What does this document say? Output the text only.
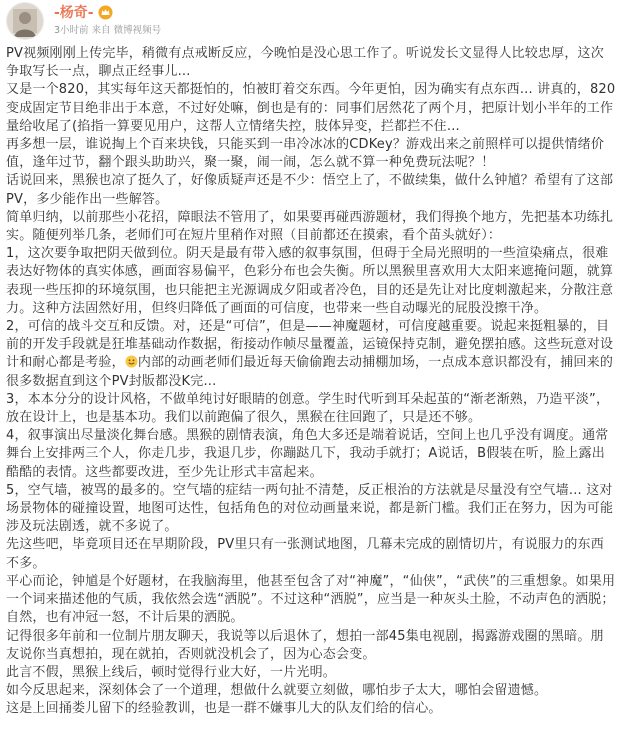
-杨奇-
3小时前 来自 微博视频号

PV视频刚刚上传完毕，稍微有点戒断反应，今晚怕是没心思工作了。听说发长文显得人比较忠厚，这次争取写长一点，聊点正经事儿...

又是一个820，其实每年这天都挺怕的，怕被盯着交东西。今年更怕，因为确实有点东西... 讲真的，820变成固定节目绝非出于本意，不过好处嘛，倒也是有的：同事们居然花了两个月，把原计划小半年的工作量给收尾了(掐指一算要见用户，这帮人立情绪失控，肢体异变，拦都拦不住...

再多想一层，谁说掏上个百来块钱，只能买到一串冷冰冰的CDKey？游戏出来之前照样可以提供情绪价值，逢年过节，翻个跟头助助兴，聚一聚，闹一闹，怎么就不算一种免费玩法呢？！

话说回来，黑猴也凉了挺久了，好像质疑声还是不少：悟空上了，不做续集，做什么钟馗？希望有了这部PV，多少能作出一些解答。

简单归纳，以前那些小花招，障眼法不管用了，如果要再碰西游题材，我们得换个地方，先把基本功练扎实。随便列举几条，老师们可在短片里稍作对照（目前都还在摸索，看个苗头就好）：

1，这次要争取把阴天做到位。阴天是最有带入感的叙事氛围，但碍于全局光照明的一些渲染痛点，很难表达好物体的真实体感，画面容易偏平，色彩分布也会失衡。所以黑猴里喜欢用大太阳来遮掩问题，就算表现一些压抑的环境氛围，也只能把主光源调成夕阳或者冷色，目的还是先让对比度刺激起来，分散注意力。这种方法固然好用，但终归降低了画面的可信度，也带来一些自动曝光的屁股没擦干净。

2，可信的战斗交互和反馈。对，还是“可信”，但是——神魔题材，可信度越重要。说起来挺粗暴的，目前的开发手段就是狂堆基础动作数据，衔接动作帧尽量覆盖，运镜保持克制，避免摆拍感。这些玩意对设计和耐心都是考验， 内部的动画老师们最近每天偷偷跑去动捕棚加场，一点成本意识都没有，捕回来的很多数据直到这个PV封版都没K完...

3，本本分分的设计风格，不做单纯讨好眼睛的创意。学生时代听到耳朵起茧的“渐老渐熟，乃造平淡”，放在设计上，也是基本功。我们以前跑偏了很久，黑猴在往回跑了，只是还不够。

4，叙事演出尽量淡化舞台感。黑猴的剧情表演，角色大多还是端着说话，空间上也几乎没有调度。通常舞台上安排两三个人，你走几步，我退几步，你蹦跶几下，我动手就打；A说话，B假装在听，脸上露出酷酷的表情。这些都要改进，至少先让形式丰富起来。

5，空气墙，被骂的最多的。空气墙的症结一两句扯不清楚，反正根治的方法就是尽量没有空气墙... 这对场景物体的碰撞设置，地图可达性，包括角色的对位动画量来说，都是新门槛。我们正在努力，因为可能涉及玩法剧透，就不多说了。

先这些吧，毕竟项目还在早期阶段，PV里只有一张测试地图，几幕未完成的剧情切片，有说服力的东西不多。

平心而论，钟馗是个好题材，在我脑海里，他甚至包含了对“神魔”，“仙侠”，“武侠”的三重想象。如果用一个词来描述他的气质，我依然会选“洒脱”。不过这种“洒脱”，应当是一种灰头土脸，不动声色的洒脱；自然，也有冲冠一怒，不计后果的洒脱。

记得很多年前和一位制片朋友聊天，我说等以后退休了，想拍一部45集电视剧，揭露游戏圈的黑暗。朋友说你当真想拍，现在就拍，否则就没机会了，因为心态会变。

此言不假，黑猴上线后，顿时觉得行业大好，一片光明。

如今反思起来，深刻体会了一个道理，想做什么就要立刻做，哪怕步子太大，哪怕会留遗憾。

这是上回捅娄儿留下的经验教训，也是一群不嫌事儿大的队友们给的信心。
